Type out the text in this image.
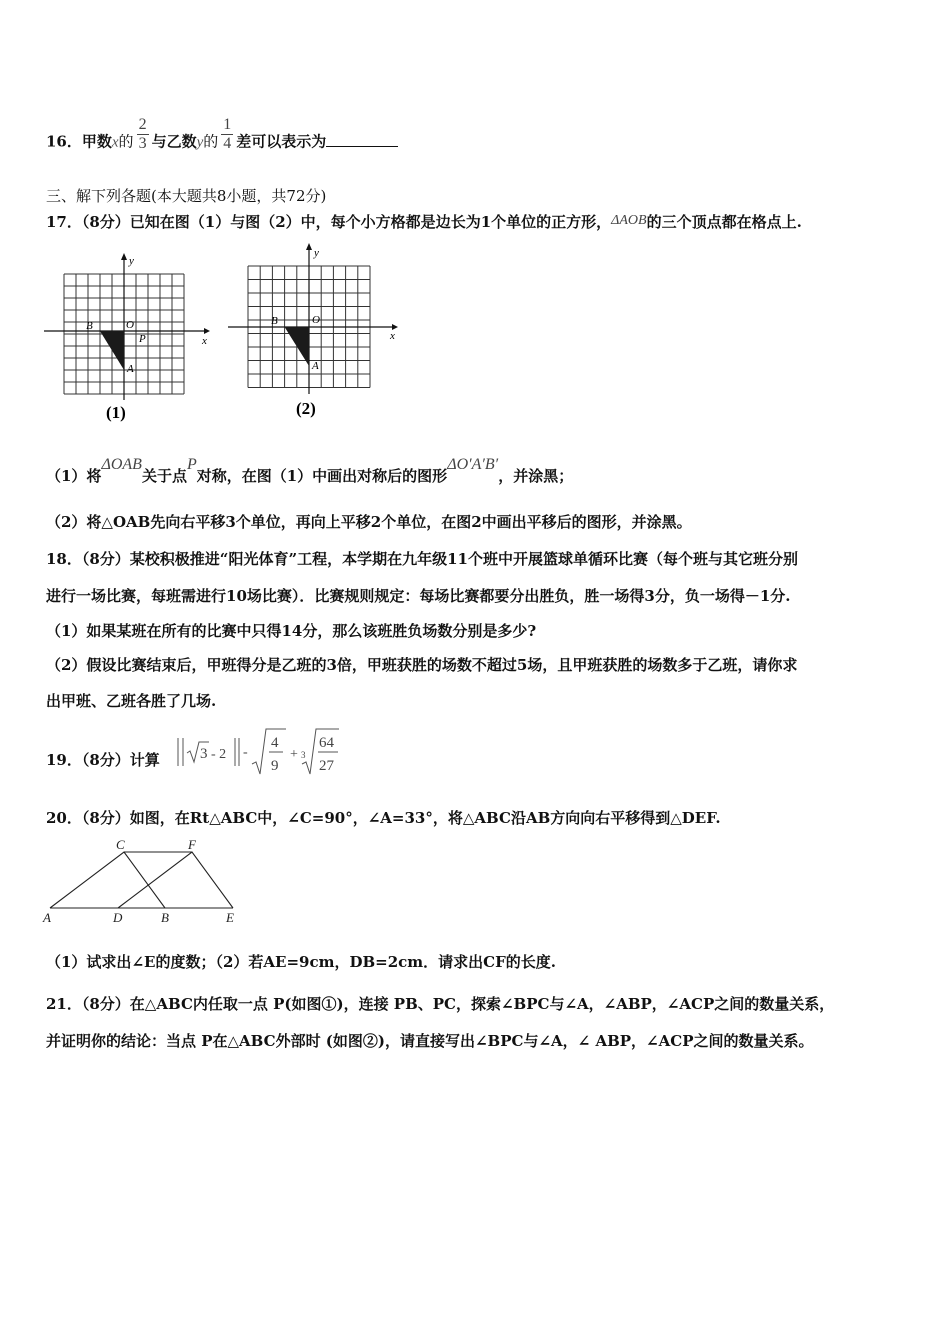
16．甲数x的 $\frac{2}{3}$ 与乙数y的 $\frac{1}{4}$ 差可以表示为
三、解下列各题(本大题共8小题，共72分)
17．（8分）已知在图（1）与图（2）中，每个小方格都是边长为1个单位的正方形，ΔAOB的三个顶点都在格点上.
x
y
B	O
P
A
(1)
x
y
B	O
A
(2)
（1）将ΔOAB关于点P对称，在图（1）中画出对称后的图形ΔO′A′B′，并涂黑；
（2）将△OAB先向右平移3个单位，再向上平移2个单位，在图2中画出平移后的图形，并涂黑。
18．（8分）某校积极推进“阳光体育”工程，本学期在九年级11个班中开展篮球单循环比赛（每个班与其它班分别
进行一场比赛，每班需进行10场比赛）．比赛规则规定：每场比赛都要分出胜负，胜一场得3分，负一场得－1分.
（1）如果某班在所有的比赛中只得14分，那么该班胜负场数分别是多少?
（2）假设比赛结束后，甲班得分是乙班的3倍，甲班获胜的场数不超过5场，且甲班获胜的场数多于乙班，请你求
出甲班、乙班各胜了几场.
19．（8分）计算	3 - 2 -
4
9
+ 3
64
27
20．（8分）如图，在Rt△ABC中，∠C=90°，∠A=33°，将△ABC沿AB方向向右平移得到△DEF.
A	D	B	E
C	F
（1）试求出∠E的度数；（2）若AE=9cm，DB=2cm．请求出CF的长度.
21．（8分）在△ABC内任取一点 P(如图①)，连接 PB、PC，探索∠BPC与∠A，∠ABP，∠ACP之间的数量关系，
并证明你的结论：当点 P在△ABC外部时 (如图②)，请直接写出∠BPC与∠A，∠ ABP，∠ACP之间的数量关系。
